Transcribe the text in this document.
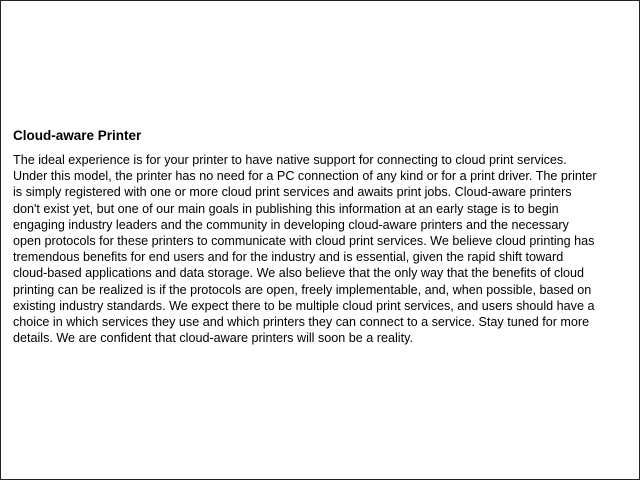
Cloud-aware Printer

The ideal experience is for your printer to have native support for connecting to cloud print services.

Under this model, the printer has no need for a PC connection of any kind or for a print driver. The printer

is simply registered with one or more cloud print services and awaits print jobs. Cloud-aware printers

don't exist yet, but one of our main goals in publishing this information at an early stage is to begin

engaging industry leaders and the community in developing cloud-aware printers and the necessary

open protocols for these printers to communicate with cloud print services. We believe cloud printing has

tremendous benefits for end users and for the industry and is essential, given the rapid shift toward

cloud-based applications and data storage. We also believe that the only way that the benefits of cloud

printing can be realized is if the protocols are open, freely implementable, and, when possible, based on

existing industry standards. We expect there to be multiple cloud print services, and users should have a

choice in which services they use and which printers they can connect to a service. Stay tuned for more

details. We are confident that cloud-aware printers will soon be a reality.
